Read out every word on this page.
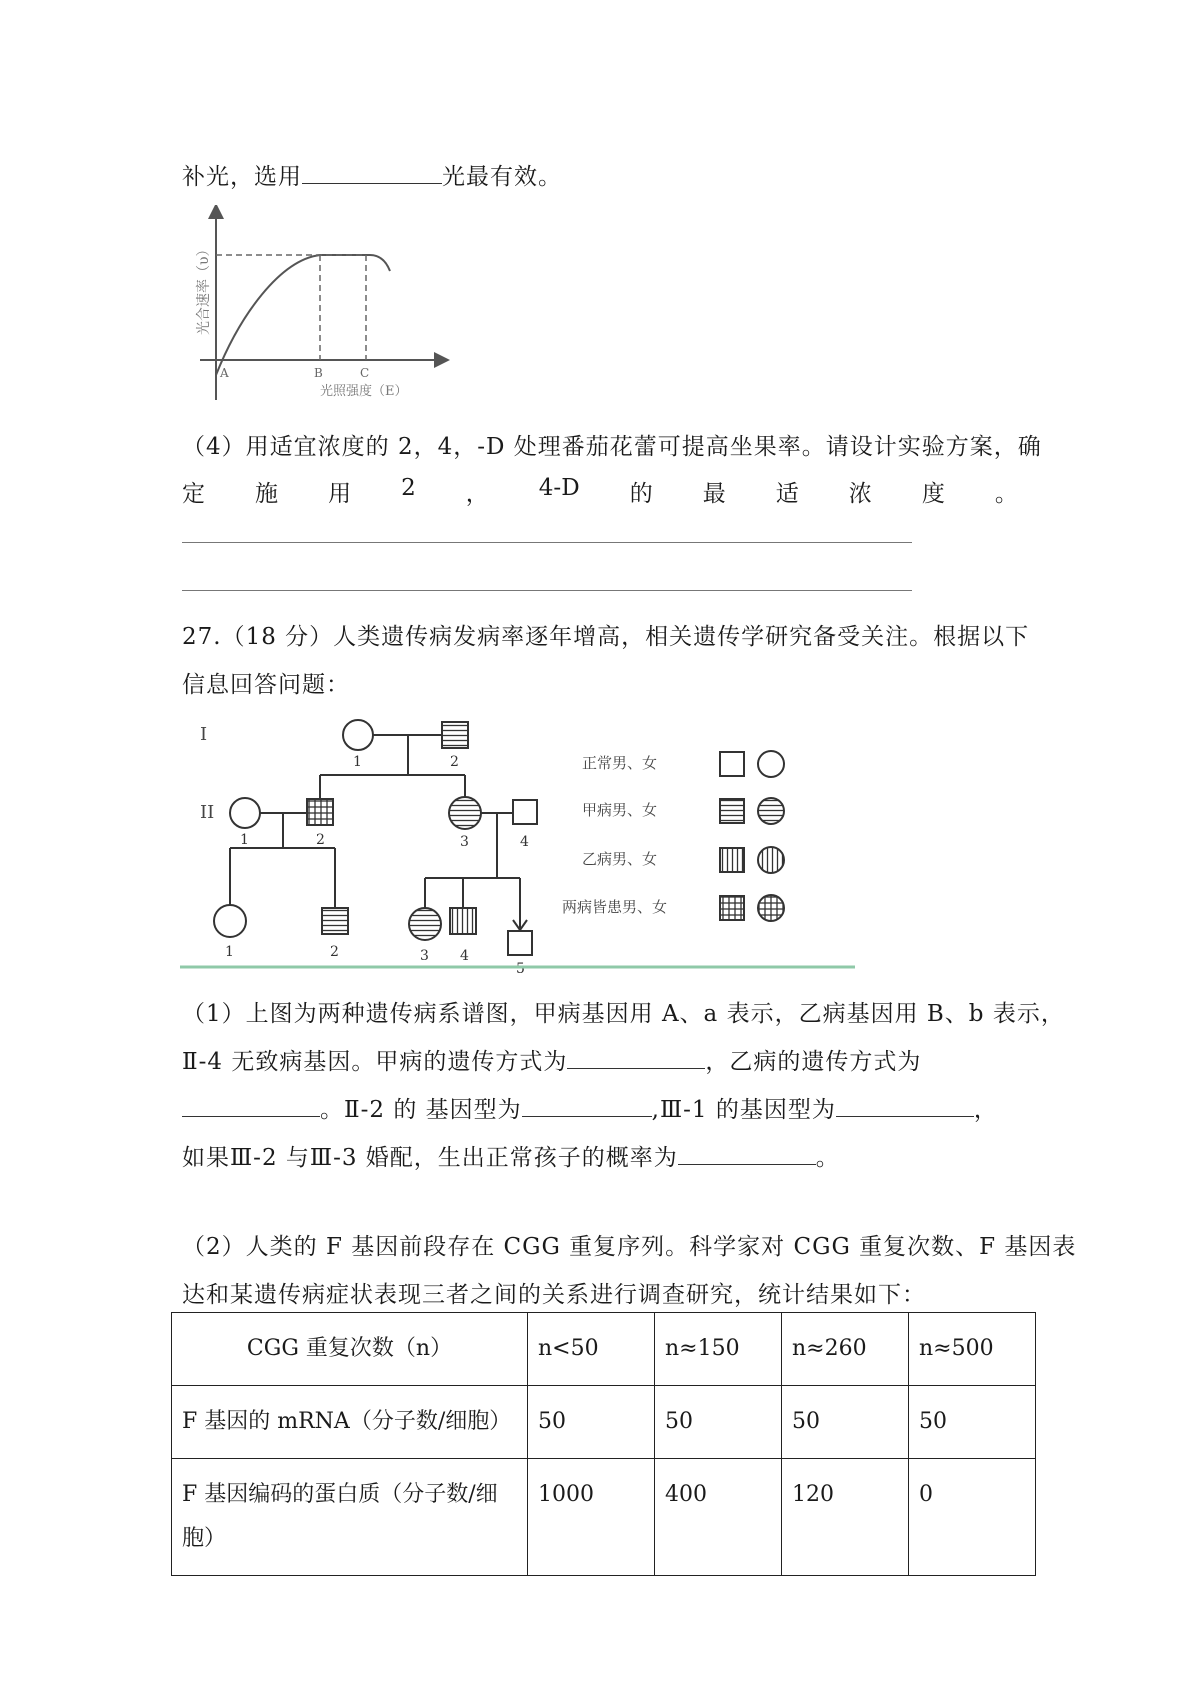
补光，选用	光最有效。
光合速率（υ）
A	B	C
光照强度（E）
（4）用适宜浓度的 2，4，-D 处理番茄花蕾可提高坐果率。请设计实验方案，确
定 施 用 2 ， 4-D 的 最 适 浓 度 。
27.（18 分）人类遗传病发病率逐年增高，相关遗传学研究备受关注。根据以下
信息回答问题：
I
II
1	2
1	2	3	4
1	2	3 4
5
正常男、女
甲病男、女
乙病男、女
两病皆患男、女
（1）上图为两种遗传病系谱图，甲病基因用 A、a 表示，乙病基因用 B、b 表示，
Ⅱ-4 无致病基因。甲病的遗传方式为	，乙病的遗传方式为
。Ⅱ-2 的 基因型为	,Ⅲ-1 的基因型为	，
如果Ⅲ-2 与Ⅲ-3 婚配，生出正常孩子的概率为	。
（2）人类的 F 基因前段存在 CGG 重复序列。科学家对 CGG 重复次数、F 基因表
达和某遗传病症状表现三者之间的关系进行调查研究，统计结果如下：
CGG 重复次数（n）	n<50	n≈150	n≈260	n≈500
F 基因的 mRNA（分子数/细胞）	50	50	50	50
F 基因编码的蛋白质（分子数/细胞）	1000	400	120	0
